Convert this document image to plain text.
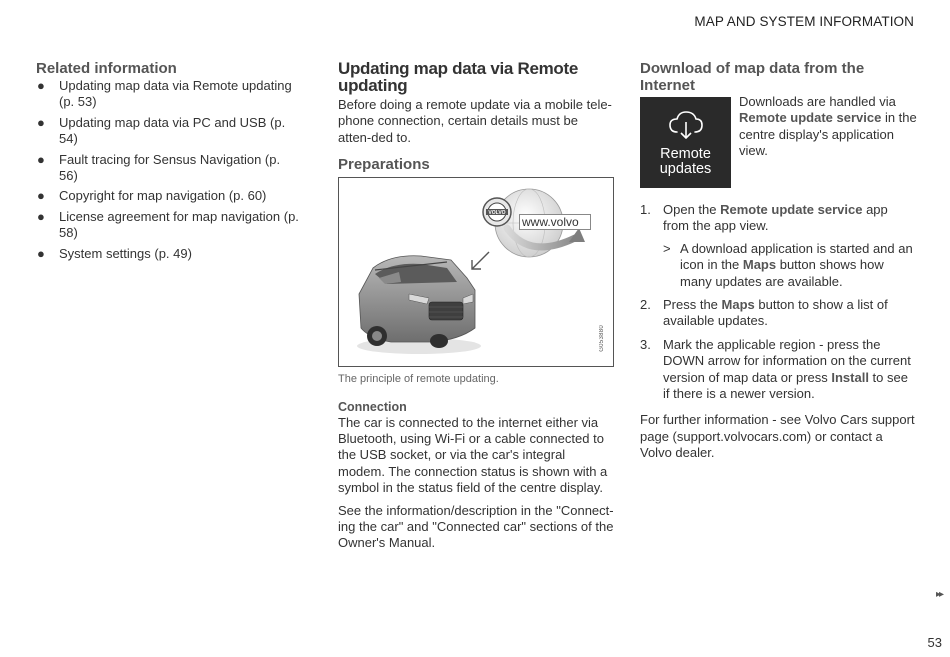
MAP AND SYSTEM INFORMATION
Related information
● Updating map data via Remote updating (p. 53)
● Updating map data via PC and USB (p. 54)
● Fault tracing for Sensus Navigation (p. 56)
● Copyright for map navigation (p. 60)
● License agreement for map navigation (p. 58)
● System settings (p. 49)
Updating map data via Remote updating

Before doing a remote update via a mobile tele-phone connection, certain details must be atten-ded to.

Preparations
VOLVO
www.volvo
G053880

The principle of remote updating.

Connection

The car is connected to the internet either via Bluetooth, using Wi-Fi or a cable connected to the USB socket, or via the car's integral modem. The connection status is shown with a symbol in the status field of the centre display.

See the information/description in the "Connect-ing the car" and "Connected car" sections of the Owner's Manual.

Download of map data from the Internet
Remote
updates

Downloads are handled via Remote update service in the centre display's application view.

1. Open the Remote update service app from the app view.
> A download application is started and an icon in the Maps button shows how many updates are available.
2. Press the Maps button to show a list of available updates.
3. Mark the applicable region - press the DOWN arrow for information on the current version of map data or press Install to see if there is a newer version.

For further information - see Volvo Cars support page (support.volvocars.com) or contact a Volvo dealer.

▸▸
53
